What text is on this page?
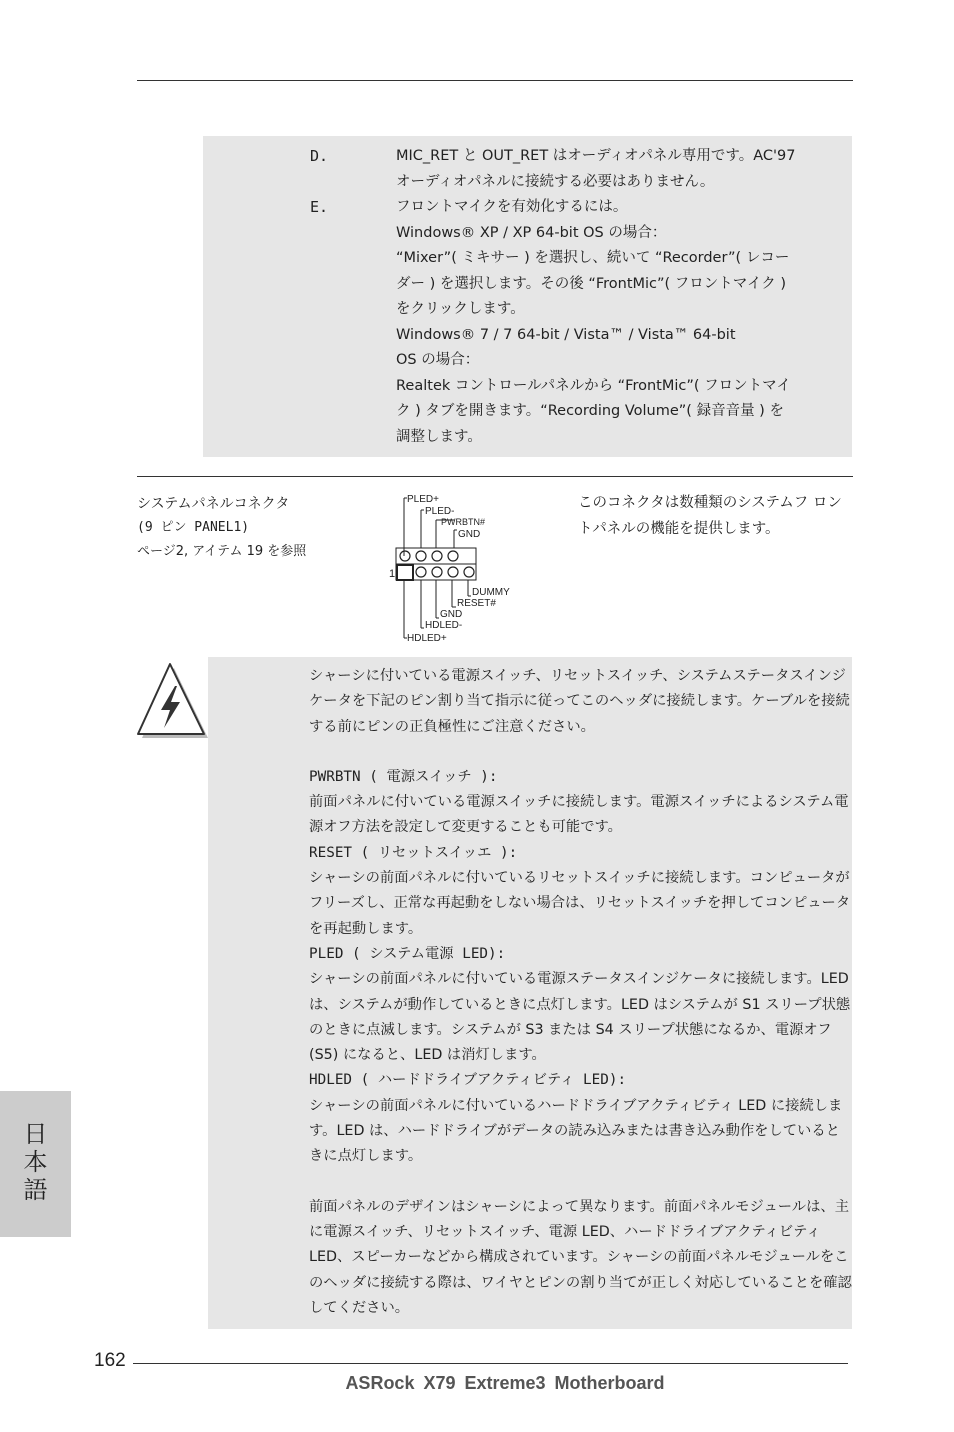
D.	MIC_RET と OUT_RET はオーディオパネル専用です。AC'97

オーディオパネルに接続する必要はありません。

E.	フロントマイクを有効化するには。

Windows® XP / XP 64-bit OS の場合：

“Mixer”( ミキサー ) を選択し、続いて “Recorder”( レコー

ダー ) を選択します。その後 “FrontMic”( フロントマイク )

をクリックします。

Windows® 7 / 7 64-bit / Vista™ / Vista™ 64-bit

OS の場合：

Realtek コントロールパネルから “FrontMic”( フロントマイ

ク ) タブを開きます。“Recording Volume”( 録音音量 ) を

調整します。

システムパネルコネクタ
(9 ピン PANEL1)
ページ2, アイテム 19 を参照
PLED+
PLED-
PWRBTN#
GND
1
DUMMY
RESET#
GND
HDLED-
HDLED+
このコネクタは数種類のシステムフ ロントパネルの機能を提供します。

シャーシに付いている電源スイッチ、リセットスイッチ、システムステータスインジケータを下記のピン割り当て指示に従ってこのヘッダに接続します。ケーブルを接続する前にピンの正負極性にご注意ください。

PWRBTN ( 電源スイッチ ):

前面パネルに付いている電源スイッチに接続します。電源スイッチによるシステム電源オフ方法を設定して変更することも可能です。

RESET ( リセットスイッエ ):

シャーシの前面パネルに付いているリセットスイッチに接続します。コンピュータがフリーズし、正常な再起動をしない場合は、リセットスイッチを押してコンピュータを再起動します。

PLED ( システム電源 LED):

シャーシの前面パネルに付いている電源ステータスインジケータに接続します。LED は、システムが動作しているときに点灯します。LED はシステムが S1 スリープ状態のときに点滅します。システムが S3 または S4 スリープ状態になるか、電源オフ (S5) になると、LED は消灯します。

HDLED ( ハードドライブアクティビティ LED):

シャーシの前面パネルに付いているハードドライブアクティビティ LED に接続します。LED は、ハードドライブがデータの読み込みまたは書き込み動作をしているときに点灯します。

前面パネルのデザインはシャーシによって異なります。前面パネルモジュールは、主に電源スイッチ、リセットスイッチ、電源 LED、ハードドライブアクティビティ LED、スピーカーなどから構成されています。シャーシの前面パネルモジュールをこのヘッダに接続する際は、ワイヤとピンの割り当てが正しく対応していることを確認してください。

日
本
語
162
ASRock X79 Extreme3 Motherboard
